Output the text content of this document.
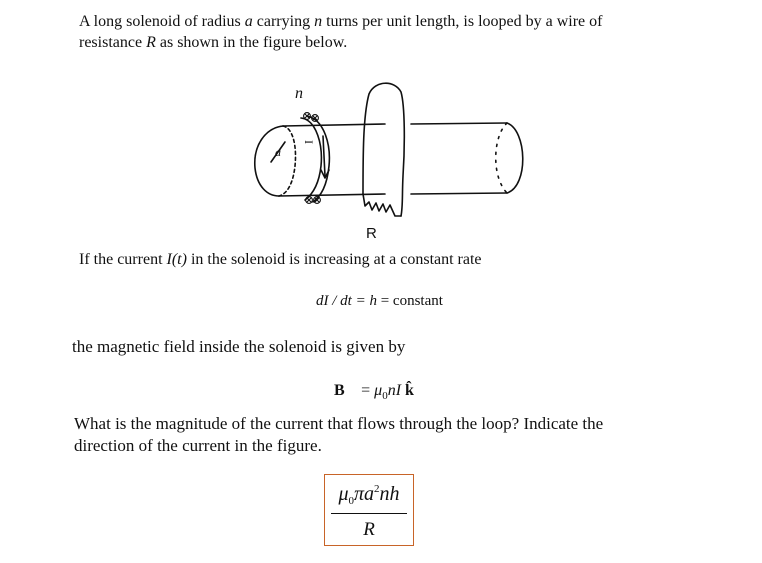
A long solenoid of radius a carrying n turns per unit length, is looped by a wire of
resistance R as shown in the figure below.
n
a
I
R
If the current I(t) in the solenoid is increasing at a constant rate
dI / dt = h = constant
the magnetic field inside the solenoid is given by
B⃗ = $\mu_0nI$ k̂
What is the magnitude of the current that flows through the loop? Indicate the
direction of the current in the figure.
$\mu_0\pi a^2nh$
R
